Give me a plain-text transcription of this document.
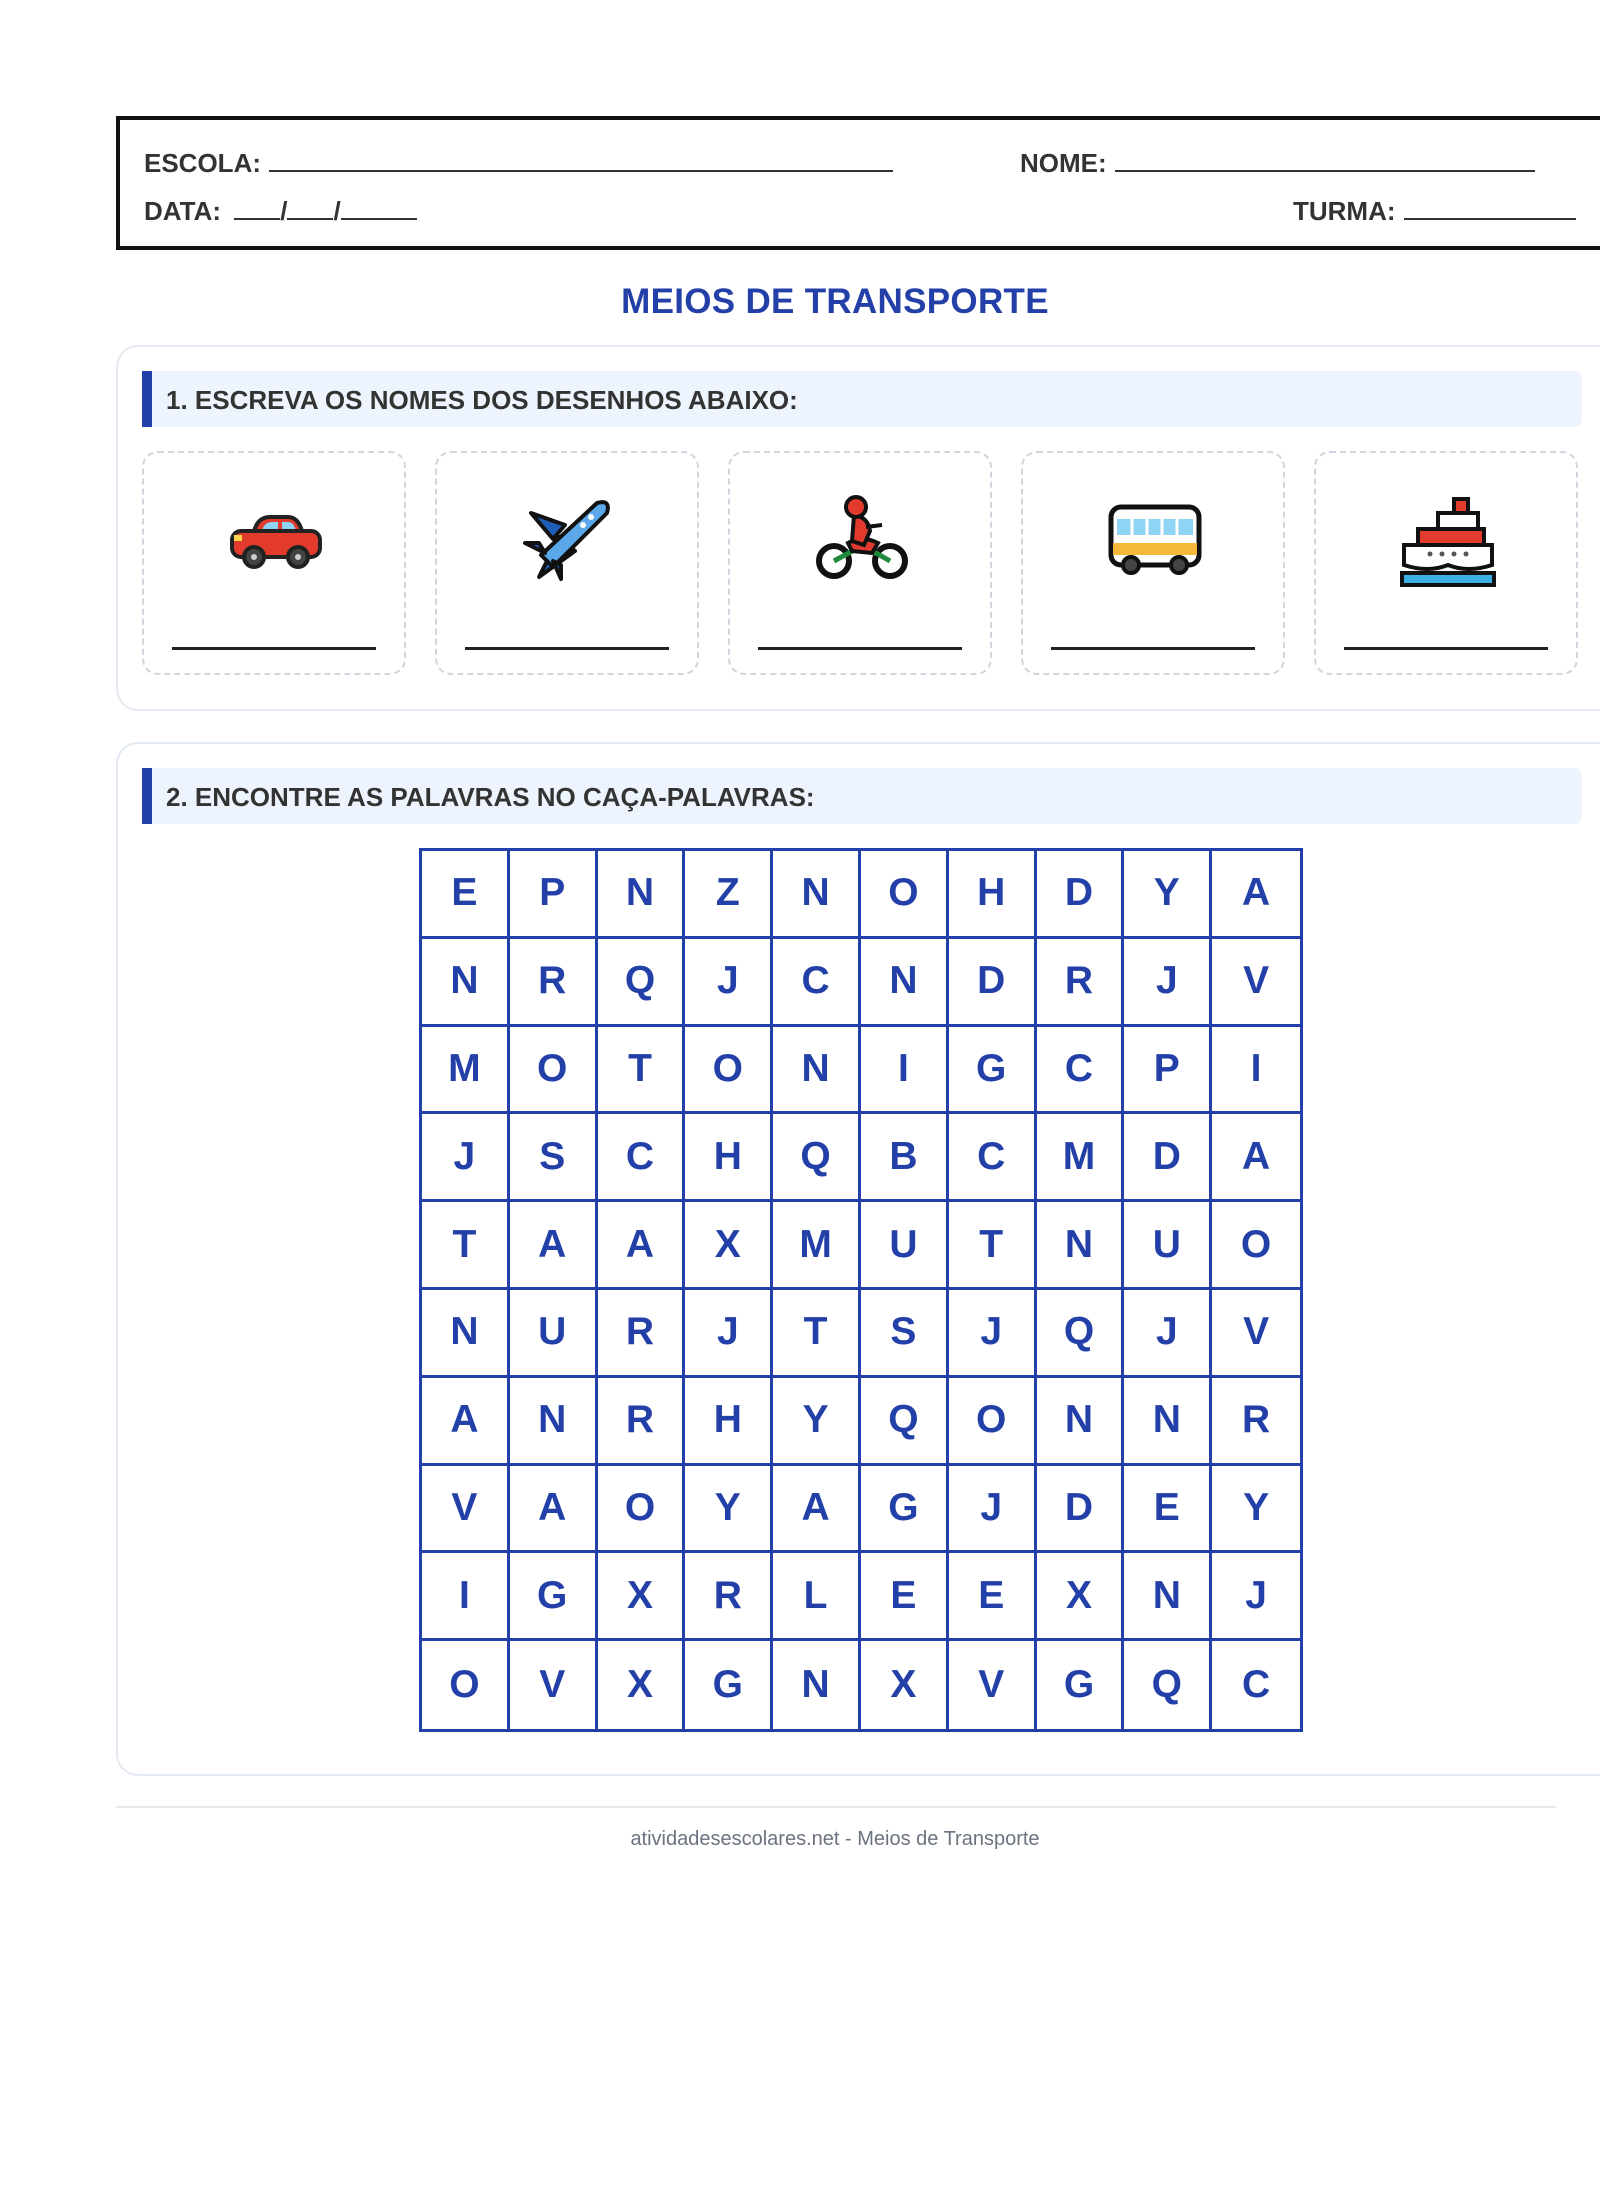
ESCOLA:	NOME:
DATA: / /	TURMA:
MEIOS DE TRANSPORTE
1. ESCREVA OS NOMES DOS DESENHOS ABAIXO:
2. ENCONTRE AS PALAVRAS NO CAÇA-PALAVRAS:
E	P	N	Z	N	O	H	D	Y	A
N	R	Q	J	C	N	D	R	J	V
M	O	T	O	N	I	G	C	P	I
J	S	C	H	Q	B	C	M	D	A
T	A	A	X	M	U	T	N	U	O
N	U	R	J	T	S	J	Q	J	V
A	N	R	H	Y	Q	O	N	N	R
V	A	O	Y	A	G	J	D	E	Y
I	G	X	R	L	E	E	X	N	J
O	V	X	G	N	X	V	G	Q	C
atividadesescolares.net - Meios de Transporte
